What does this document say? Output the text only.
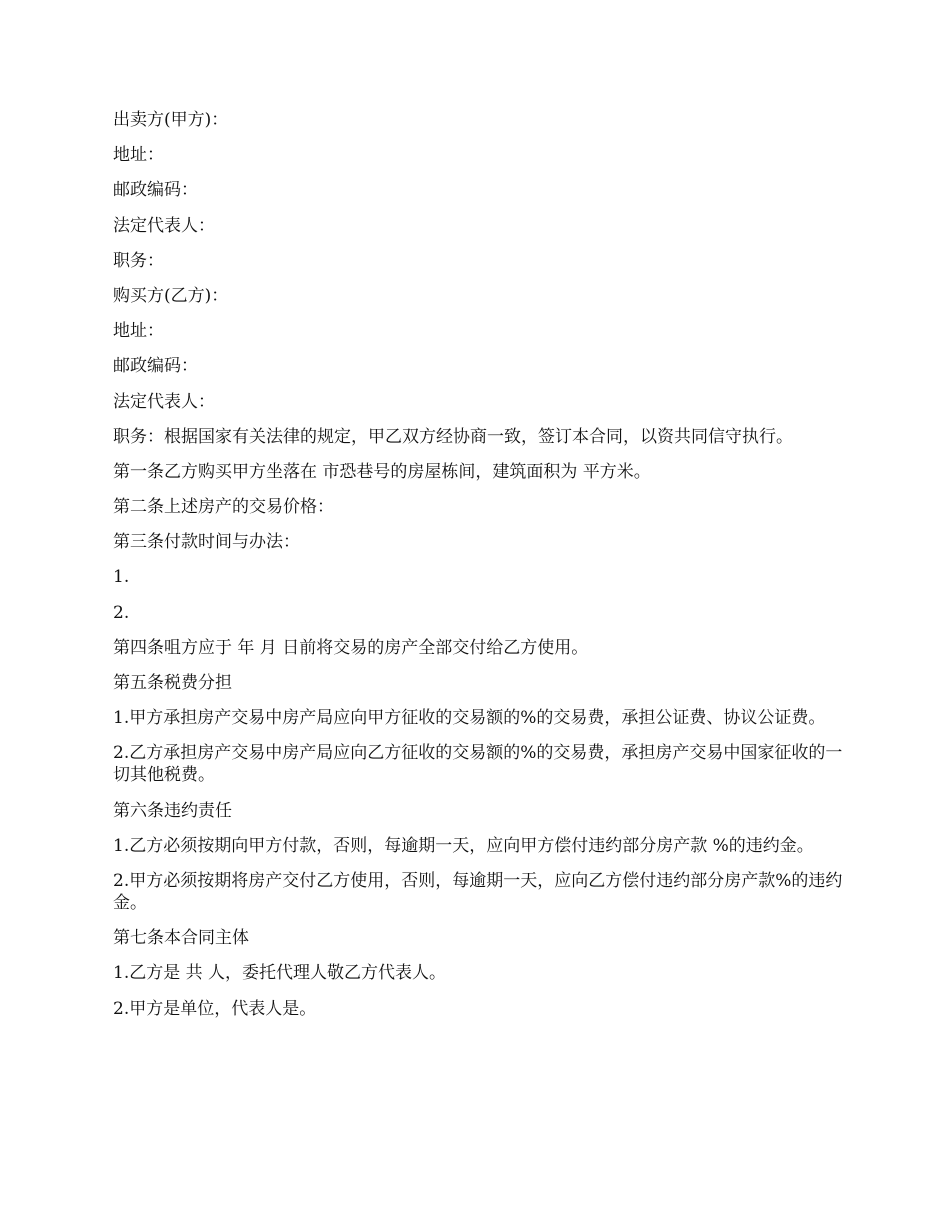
出卖方(甲方)：

地址：

邮政编码：

法定代表人：

职务：

购买方(乙方)：

地址：

邮政编码：

法定代表人：

职务：根据国家有关法律的规定，甲乙双方经协商一致，签订本合同，以资共同信守执行。

第一条乙方购买甲方坐落在 市恐巷号的房屋栋间，建筑面积为 平方米。

第二条上述房产的交易价格：

第三条付款时间与办法：

1.

2.

第四条咀方应于 年 月 日前将交易的房产全部交付给乙方使用。

第五条税费分担

1.甲方承担房产交易中房产局应向甲方征收的交易额的%的交易费，承担公证费、协议公证费。

2.乙方承担房产交易中房产局应向乙方征收的交易额的%的交易费，承担房产交易中国家征收的一切其他税费。

第六条违约责任

1.乙方必须按期向甲方付款，否则，每逾期一天，应向甲方偿付违约部分房产款 %的违约金。

2.甲方必须按期将房产交付乙方使用，否则，每逾期一天，应向乙方偿付违约部分房产款%的违约金。

第七条本合同主体

1.乙方是 共 人，委托代理人敬乙方代表人。

2.甲方是单位，代表人是。
